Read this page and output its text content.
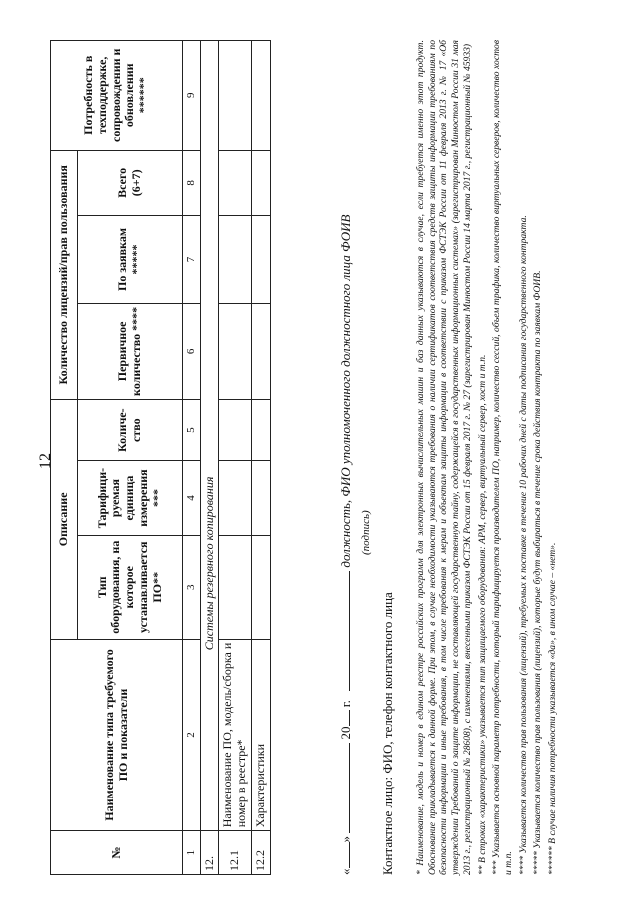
12
№	Наименование типа требуемого ПО и показатели	Описание			Количество лицензий/прав пользования			Потребность в техподдержке, сопровождении и обновлении ******
		Тип оборудования, на которое устанавливается ПО**	Тарифици-руемая единица измерения ***	Количе-ство	Первичное количество ****	По заявкам *****	Всего (6+7)	
1	2	3	4	5	6	7	8	9
12.	Системы резервного копирования							
12.1	Наименование ПО, модель/сборка и номер в реестре*							
12.2	Характеристики							
«»  20 г.  должность, ФИО уполномоченного должностного лица ФОИВ (подпись)
Контактное лицо: ФИО, телефон контактного лица * Наименование, модель и номер в едином реестре российских программ для электронных вычислительных машин и баз данных указываются в случае, если требуется именно этот продукт. Обоснование прикладывается к данной форме. При этом, в случае необходимости указываются требования о наличии сертификатов соответствия средств защиты информации требованиям по безопасности информации и иные требования, в том числе требования к мерам и объектам защиты информации в соответствии с приказом ФСТЭК России от 11 февраля 2013 г. № 17 «Об утверждении Требований о защите информации, не составляющей государственную тайну, содержащейся в государственных информационных системах» (зарегистрирован Минюстом России 31 мая 2013 г., регистрационный № 28608), с изменениями, внесенными приказом ФСТЭК России от 15 февраля 2017 г. № 27 (зарегистрирован Минюстом России 14 марта 2017 г., регистрационный № 45933) ** В строках «характеристики» указывается тип защищаемого оборудования: АРМ, сервер, виртуальный сервер, хост и т.п. *** Указывается основной параметр потребности, который тарифицируется производителем ПО, например, количество сессий, объем трафика, количество виртуальных серверов, количество хостов и т.п. **** Указывается количество прав пользования (лицензий), требуемых к поставке в течение 10 рабочих дней с даты подписания государственного контракта. ***** Указывается количество прав пользования (лицензий), которые будут выбираться в течение срока действия контракта по заявкам ФОИВ. ****** В случае наличия потребности указывается «да», в ином случае – «нет».
